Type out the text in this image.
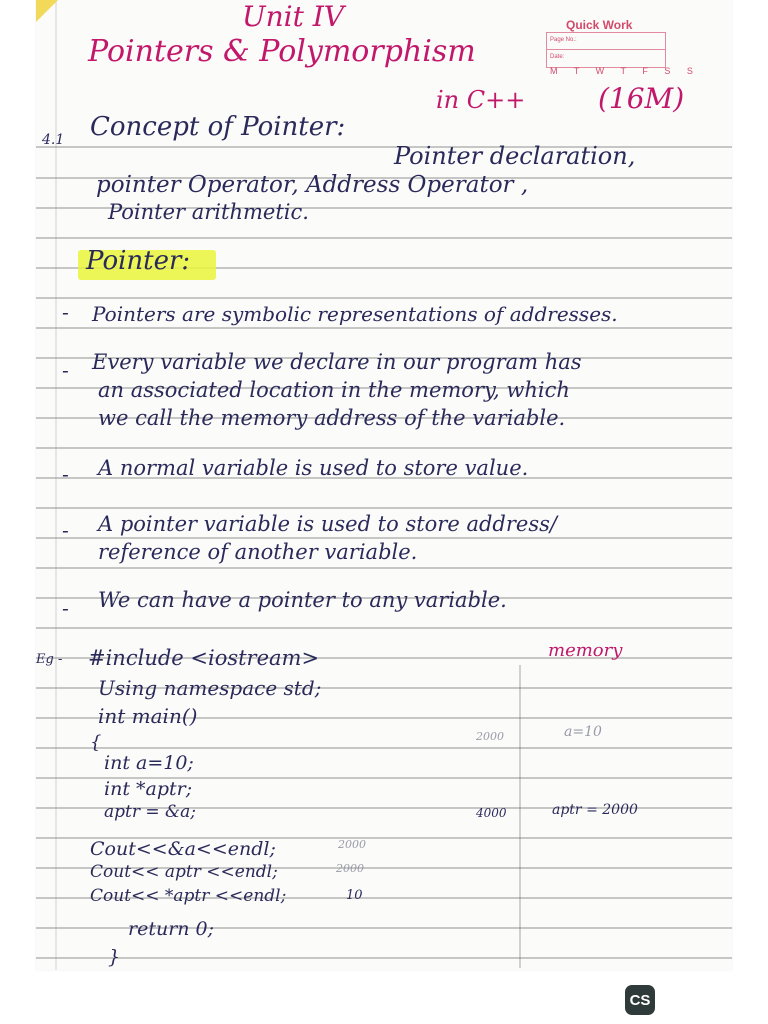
Quick Work
Page No.:
Date:
M T W T F S S
Unit IV
Pointers & Polymorphism
in C++	(16M)
4.1 Concept of Pointer:
Pointer declaration,
pointer Operator, Address Operator ,
Pointer arithmetic.
Pointer:
- Pointers are symbolic representations of addresses.
- Every variable we declare in our program has
an associated location in the memory, which
we call the memory address of the variable.
- A normal variable is used to store value.
- A pointer variable is used to store address/
reference of another variable.
- We can have a pointer to any variable.
Eg - #include <iostream>
Using namespace std;
int main()
{
int a=10;
int *aptr;
aptr = &a;
Cout<<&a<<endl;
Cout<< aptr <<endl;
Cout<< *aptr <<endl;
return 0;
}
2000
2000
10
memory
2000	a=10
4000	aptr = 2000
CS
